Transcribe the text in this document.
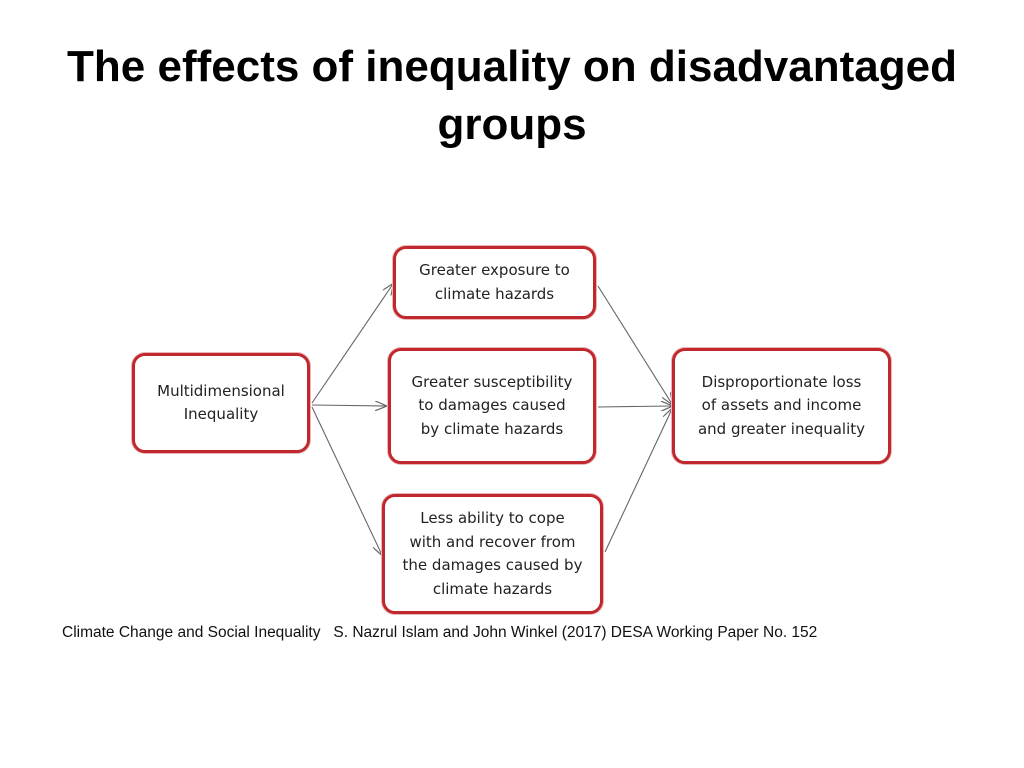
The effects of inequality on disadvantaged groups
Multidimensional
Inequality
Greater exposure to
climate hazards
Greater susceptibility
to damages caused
by climate hazards
Less ability to cope
with and recover from
the damages caused by
climate hazards
Disproportionate loss
of assets and income
and greater inequality
Climate Change and Social Inequality   S. Nazrul Islam and John Winkel (2017) DESA Working Paper No. 152
